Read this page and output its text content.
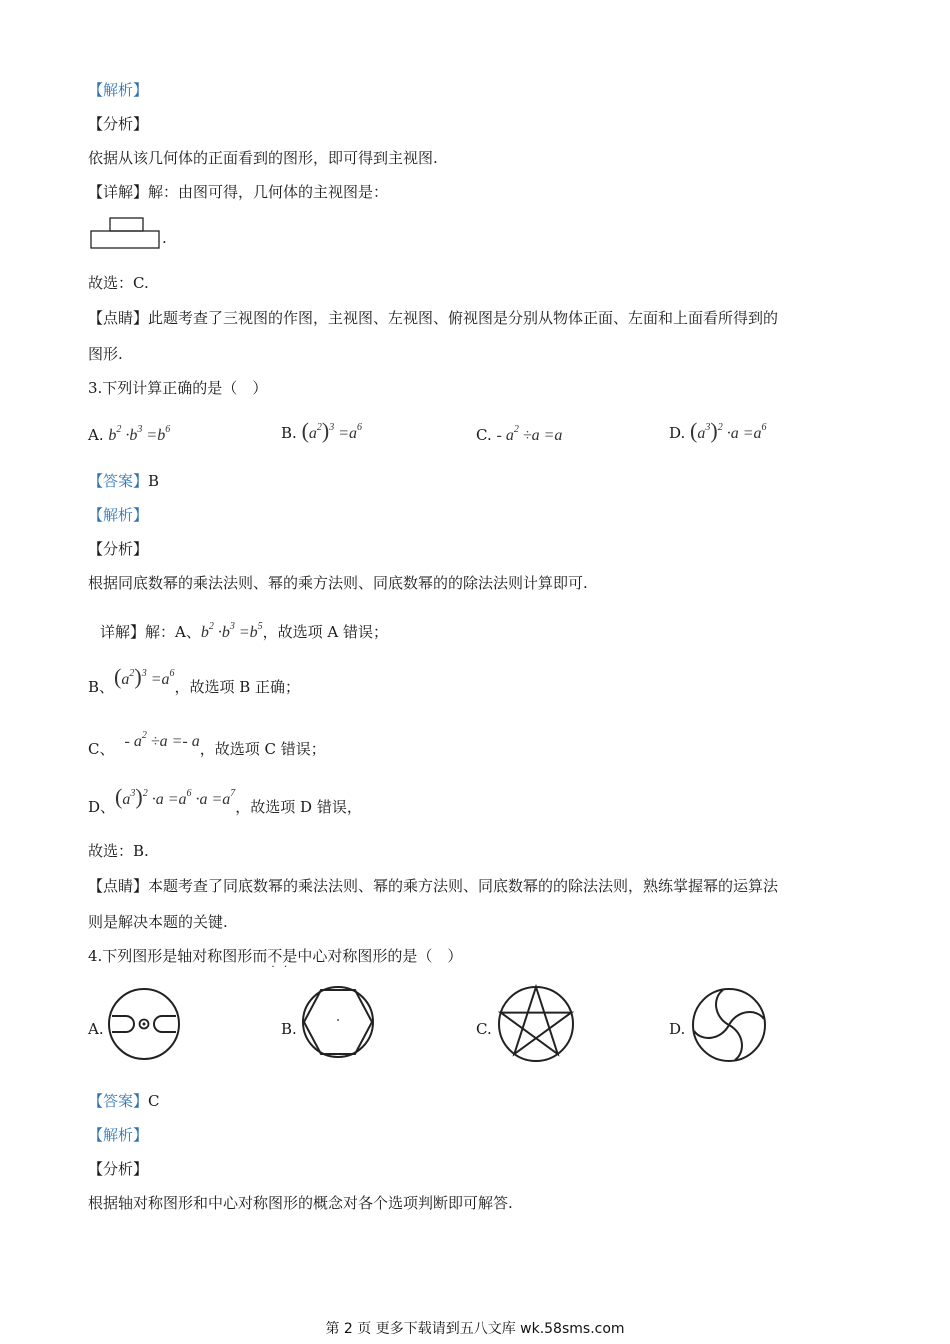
【解析】
【分析】
依据从该几何体的正面看到的图形，即可得到主视图.
【详解】解：由图可得，几何体的主视图是：
.
故选：C.
【点睛】此题考查了三视图的作图，主视图、左视图、俯视图是分别从物体正面、左面和上面看所得到的
图形.
3.下列计算正确的是（　）
A. $b^2 \cdot b^3 =b^6$	B. $(a^2)^3 =a^6$	C. - $a^2 \div a =a$	D. $(a^3)^2 \cdot a =a^6$
【答案】B
【解析】
【分析】
根据同底数幂的乘法法则、幂的乘方法则、同底数幂的的除法法则计算即可.
详解】解：A、$b^2 \cdot b^3 =b^5$，故选项 A 错误；
B、$(a^2)^3 =a^6$，故选项 B 正确；
C、 - $a^2 \div a =- a$，故选项 C 错误；
D、$(a^3)^2 \cdot a =a^6 \cdot a =a^7$，故选项 D 错误，
故选：B.
【点睛】本题考查了同底数幂的乘法法则、幂的乘方法则、同底数幂的的除法法则，熟练掌握幂的运算法
则是解决本题的关键.
4.下列图形是轴对称图形而不是
·   ·
中心对称图形的是（　）
A.	B.	C.	D.
【答案】C
【解析】
【分析】
根据轴对称图形和中心对称图形的概念对各个选项判断即可解答.
第 2 页 更多下载请到五八文库 wk.58sms.com
